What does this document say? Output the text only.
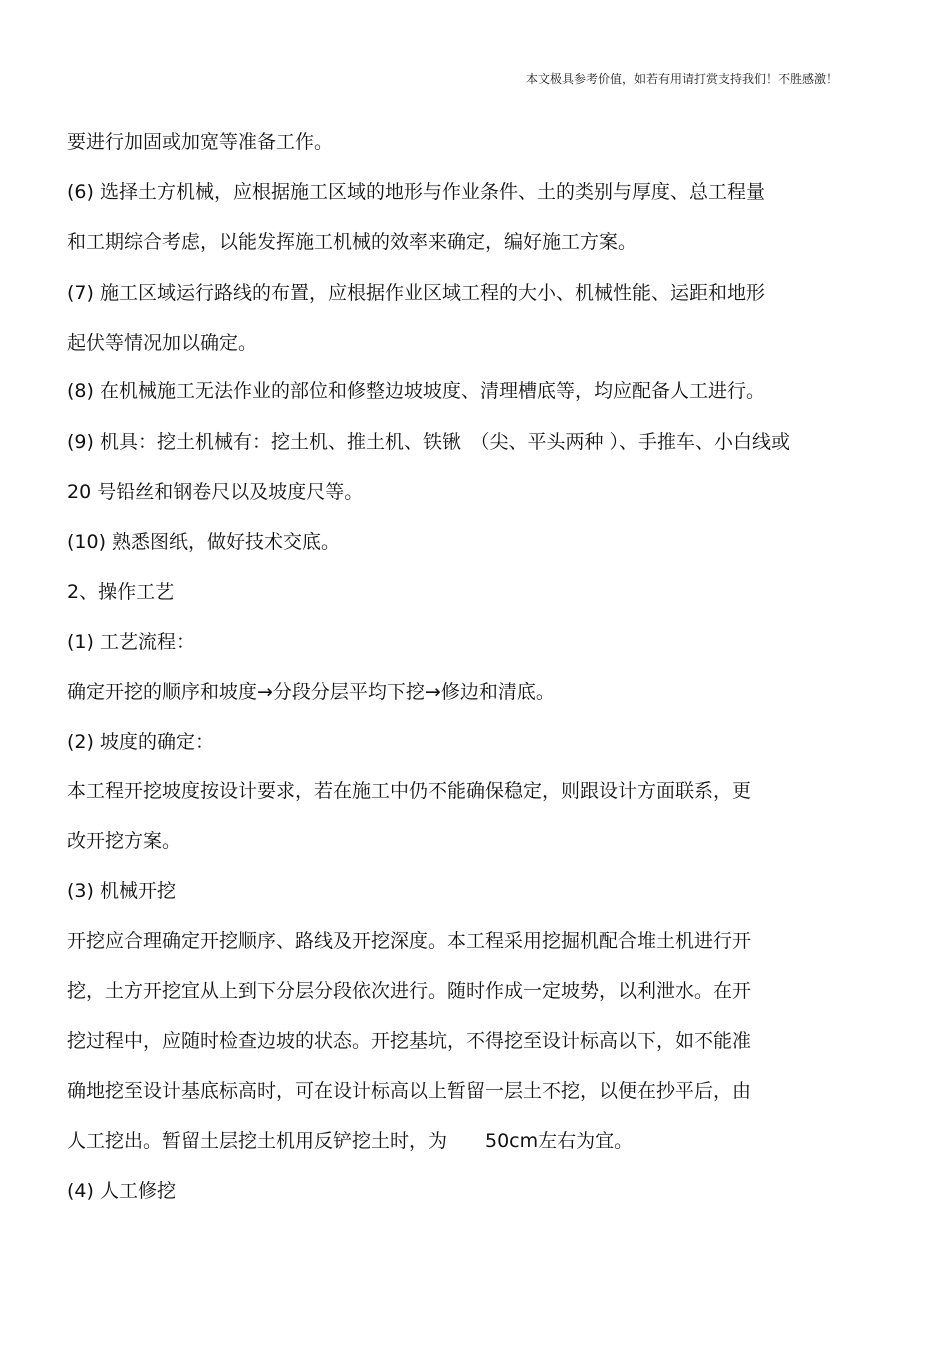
本文极具参考价值，如若有用请打赏支持我们！不胜感激！
要进行加固或加宽等准备工作。
(6) 选择土方机械，应根据施工区域的地形与作业条件、土的类别与厚度、总工程量
和工期综合考虑，以能发挥施工机械的效率来确定，编好施工方案。
(7) 施工区域运行路线的布置，应根据作业区域工程的大小、机械性能、运距和地形
起伏等情况加以确定。
(8) 在机械施工无法作业的部位和修整边坡坡度、清理槽底等，均应配备人工进行。
(9) 机具：挖土机械有：挖土机、推土机、铁锹　（尖、平头两种 ）、手推车、小白线或
20 号铅丝和钢卷尺以及坡度尺等。
(10) 熟悉图纸，做好技术交底。
2、操作工艺
(1) 工艺流程：
确定开挖的顺序和坡度→分段分层平均下挖→修边和清底。
(2) 坡度的确定：
本工程开挖坡度按设计要求，若在施工中仍不能确保稳定，则跟设计方面联系，更
改开挖方案。
(3) 机械开挖
开挖应合理确定开挖顺序、路线及开挖深度。本工程采用挖掘机配合堆土机进行开
挖，土方开挖宜从上到下分层分段依次进行。随时作成一定坡势，以利泄水。在开
挖过程中，应随时检查边坡的状态。开挖基坑，不得挖至设计标高以下，如不能准
确地挖至设计基底标高时，可在设计标高以上暂留一层土不挖，以便在抄平后，由
人工挖出。暂留土层挖土机用反铲挖土时，为　　50cm左右为宜。
(4) 人工修挖
